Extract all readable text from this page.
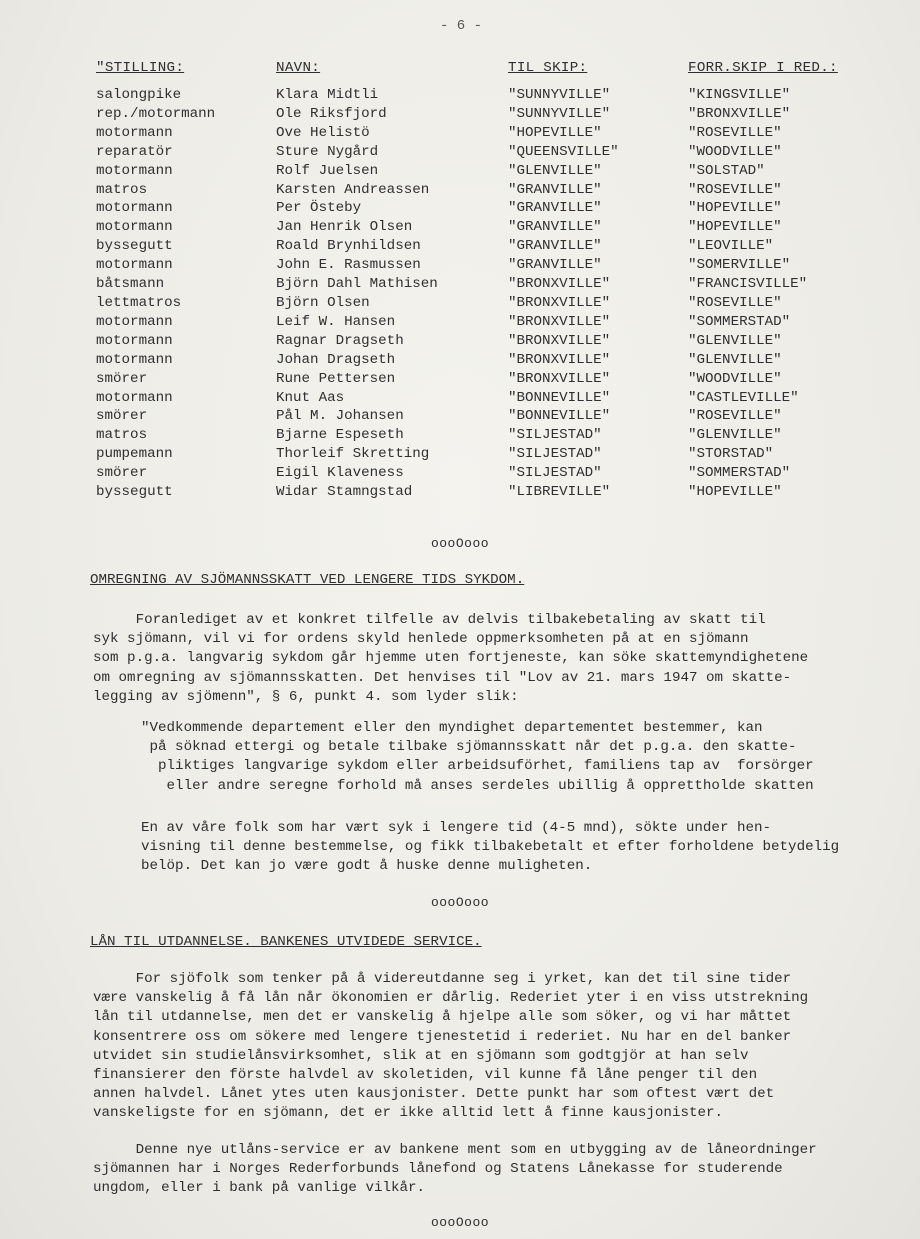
- 6 -
"STILLING:	NAVN:	TIL SKIP:	FORR.SKIP I RED.:
salongpike	Klara Midtli	"SUNNYVILLE"	"KINGSVILLE"
rep./motormann	Ole Riksfjord	"SUNNYVILLE"	"BRONXVILLE"
motormann	Ove Helistö	"HOPEVILLE"	"ROSEVILLE"
reparatör	Sture Nygård	"QUEENSVILLE"	"WOODVILLE"
motormann	Rolf Juelsen	"GLENVILLE"	"SOLSTAD"
matros	Karsten Andreassen	"GRANVILLE"	"ROSEVILLE"
motormann	Per Östeby	"GRANVILLE"	"HOPEVILLE"
motormann	Jan Henrik Olsen	"GRANVILLE"	"HOPEVILLE"
byssegutt	Roald Brynhildsen	"GRANVILLE"	"LEOVILLE"
motormann	John E. Rasmussen	"GRANVILLE"	"SOMERVILLE"
båtsmann	Björn Dahl Mathisen	"BRONXVILLE"	"FRANCISVILLE"
lettmatros	Björn Olsen	"BRONXVILLE"	"ROSEVILLE"
motormann	Leif W. Hansen	"BRONXVILLE"	"SOMMERSTAD"
motormann	Ragnar Dragseth	"BRONXVILLE"	"GLENVILLE"
motormann	Johan Dragseth	"BRONXVILLE"	"GLENVILLE"
smörer	Rune Pettersen	"BRONXVILLE"	"WOODVILLE"
motormann	Knut Aas	"BONNEVILLE"	"CASTLEVILLE"
smörer	Pål M. Johansen	"BONNEVILLE"	"ROSEVILLE"
matros	Bjarne Espeseth	"SILJESTAD"	"GLENVILLE"
pumpemann	Thorleif Skretting	"SILJESTAD"	"STORSTAD"
smörer	Eigil Klaveness	"SILJESTAD"	"SOMMERSTAD"
byssegutt	Widar Stamngstad	"LIBREVILLE"	"HOPEVILLE"
oooOooo
OMREGNING AV SJÖMANNSSKATT VED LENGERE TIDS SYKDOM.
Foranlediget av et konkret tilfelle av delvis tilbakebetaling av skatt til
syk sjömann, vil vi for ordens skyld henlede oppmerksomheten på at en sjömann
som p.g.a. langvarig sykdom går hjemme uten fortjeneste, kan söke skattemyndighetene
om omregning av sjömannsskatten. Det henvises til "Lov av 21. mars 1947 om skatte-
legging av sjömenn", § 6, punkt 4. som lyder slik:
"Vedkommende departement eller den myndighet departementet bestemmer, kan
på söknad ettergi og betale tilbake sjömannsskatt når det p.g.a. den skatte-
pliktiges langvarige sykdom eller arbeidsuförhet, familiens tap av  forsörger
eller andre seregne forhold må anses serdeles ubillig å opprettholde skatten
En av våre folk som har vært syk i lengere tid (4-5 mnd), sökte under hen-
visning til denne bestemmelse, og fikk tilbakebetalt et efter forholdene betydelig
belöp. Det kan jo være godt å huske denne muligheten.
oooOooo
LÅN TIL UTDANNELSE. BANKENES UTVIDEDE SERVICE.
For sjöfolk som tenker på å videreutdanne seg i yrket, kan det til sine tider
være vanskelig å få lån når ökonomien er dårlig. Rederiet yter i en viss utstrekning
lån til utdannelse, men det er vanskelig å hjelpe alle som söker, og vi har måttet
konsentrere oss om sökere med lengere tjenestetid i rederiet. Nu har en del banker
utvidet sin studielånsvirksomhet, slik at en sjömann som godtgjör at han selv
finansierer den förste halvdel av skoletiden, vil kunne få låne penger til den
annen halvdel. Lånet ytes uten kausjonister. Dette punkt har som oftest vært det
vanskeligste for en sjömann, det er ikke alltid lett å finne kausjonister.
Denne nye utlåns-service er av bankene ment som en utbygging av de låneordninger
sjömannen har i Norges Rederforbunds lånefond og Statens Lånekasse for studerende
ungdom, eller i bank på vanlige vilkår.
oooOooo
